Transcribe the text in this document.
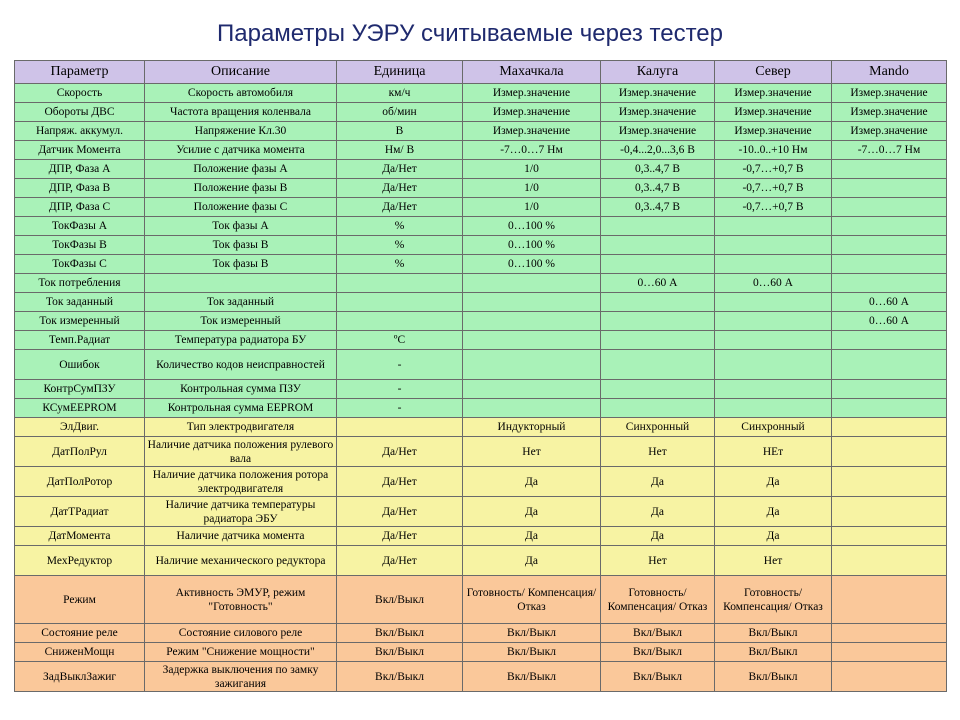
Параметры УЭРУ считываемые через тестер
Параметр	Описание	Единица	Махачкала	Калуга	Север	Mando
Скорость	Скорость автомобиля	км/ч	Измер.значение	Измер.значение	Измер.значение	Измер.значение
Обороты ДВС	Частота вращения коленвала	об/мин	Измер.значение	Измер.значение	Измер.значение	Измер.значение
Напряж. аккумул.	Напряжение Кл.30	В	Измер.значение	Измер.значение	Измер.значение	Измер.значение
Датчик Момента	Усилие с датчика момента	Нм/ В	-7…0…7 Нм	-0,4...2,0...3,6 В	-10..0..+10 Нм	-7…0…7 Нм
ДПР, Фаза А	Положение фазы А	Да/Нет	1/0	0,3..4,7 В	-0,7…+0,7 В	
ДПР, Фаза В	Положение фазы В	Да/Нет	1/0	0,3..4,7 В	-0,7…+0,7 В	
ДПР, Фаза С	Положение фазы С	Да/Нет	1/0	0,3..4,7 В	-0,7…+0,7 В	
ТокФазы А	Ток фазы А	%	0…100 %			
ТокФазы В	Ток фазы В	%	0…100 %			
ТокФазы С	Ток фазы В	%	0…100 %			
Ток потребления				0…60 А	0…60 А	
Ток заданный	Ток заданный					0…60 А
Ток измеренный	Ток измеренный					0…60 А
Темп.Радиат	Температура радиатора БУ	ºC				
Ошибок	Количество кодов неисправностей	-				
КонтрСумПЗУ	Контрольная сумма ПЗУ	-				
КСумEEPROM	Контрольная сумма EEPROM	-				
ЭлДвиг.	Тип электродвигателя		Индукторный	Синхронный	Синхронный	
ДатПолРул	Наличие датчика положения рулевого вала	Да/Нет	Нет	Нет	НЕт	
ДатПолРотор	Наличие датчика положения ротора электродвигателя	Да/Нет	Да	Да	Да	
ДатТРадиат	Наличие датчика температуры радиатора ЭБУ	Да/Нет	Да	Да	Да	
ДатМомента	Наличие датчика момента	Да/Нет	Да	Да	Да	
МехРедуктор	Наличие механического редуктора	Да/Нет	Да	Нет	Нет	
Режим	Активность ЭМУР, режим "Готовность"	Вкл/Выкл	Готовность/ Компенсация/ Отказ	Готовность/ Компенсация/ Отказ	Готовность/ Компенсация/ Отказ	
Состояние реле	Состояние силового реле	Вкл/Выкл	Вкл/Выкл	Вкл/Выкл	Вкл/Выкл	
СниженМощн	Режим "Снижение мощности"	Вкл/Выкл	Вкл/Выкл	Вкл/Выкл	Вкл/Выкл	
ЗадВыклЗажиг	Задержка выключения по замку зажигания	Вкл/Выкл	Вкл/Выкл	Вкл/Выкл	Вкл/Выкл	
